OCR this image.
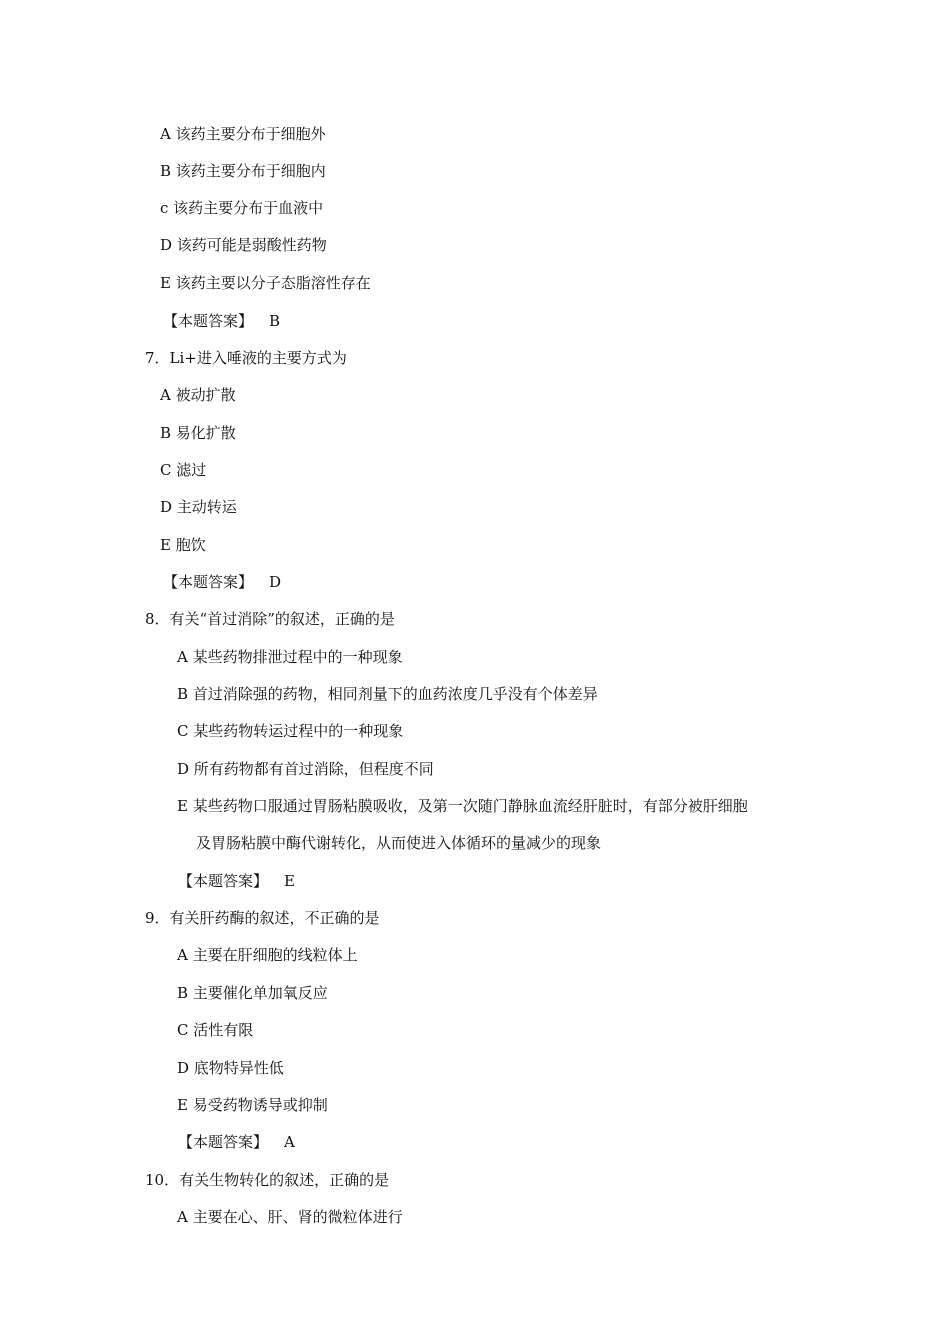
A 该药主要分布于细胞外
B 该药主要分布于细胞内
c 该药主要分布于血液中
D 该药可能是弱酸性药物
E 该药主要以分子态脂溶性存在
【本题答案】 B
7．Li+进入唾液的主要方式为
A 被动扩散
B 易化扩散
C 滤过
D 主动转运
E 胞饮
【本题答案】 D
8．有关“首过消除”的叙述，正确的是
A 某些药物排泄过程中的一种现象
B 首过消除强的药物，相同剂量下的血药浓度几乎没有个体差异
C 某些药物转运过程中的一种现象
D 所有药物都有首过消除，但程度不同
E 某些药物口服通过胃肠粘膜吸收，及第一次随门静脉血流经肝脏时，有部分被肝细胞
及胃肠粘膜中酶代谢转化，从而使进入体循环的量减少的现象
【本题答案】 E
9．有关肝药酶的叙述，不正确的是
A 主要在肝细胞的线粒体上
B 主要催化单加氧反应
C 活性有限
D 底物特异性低
E 易受药物诱导或抑制
【本题答案】 A
10．有关生物转化的叙述，正确的是
A 主要在心、肝、肾的微粒体进行
